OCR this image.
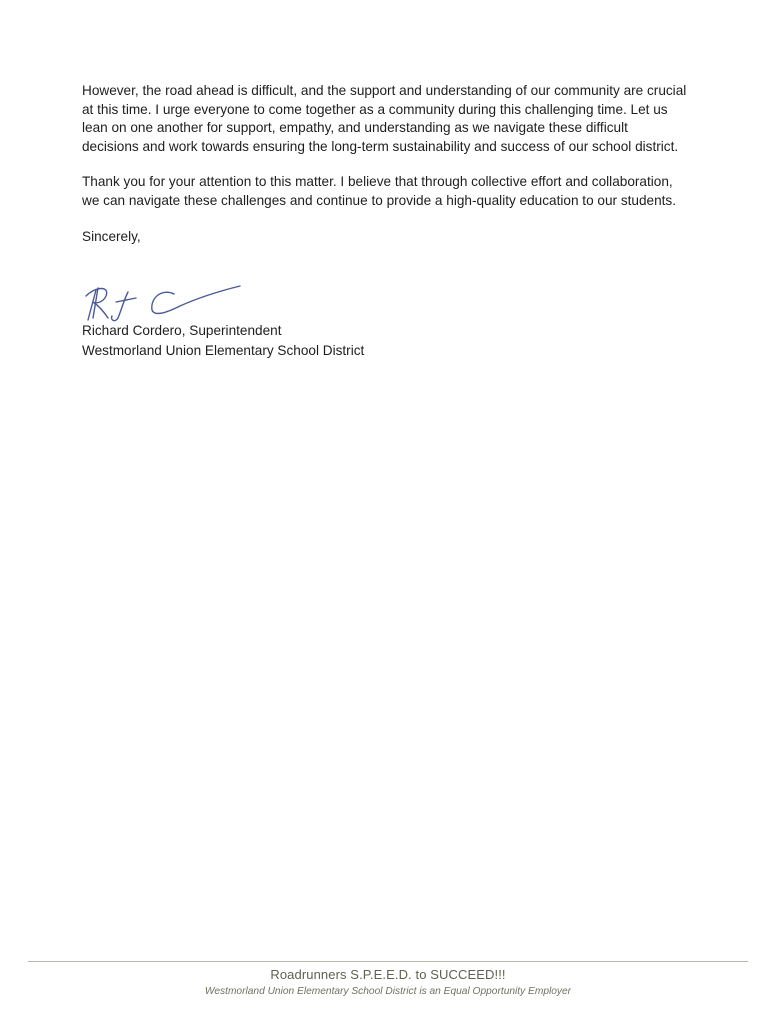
However, the road ahead is difficult, and the support and understanding of our community are crucial at this time. I urge everyone to come together as a community during this challenging time. Let us lean on one another for support, empathy, and understanding as we navigate these difficult decisions and work towards ensuring the long-term sustainability and success of our school district.

Thank you for your attention to this matter. I believe that through collective effort and collaboration, we can navigate these challenges and continue to provide a high-quality education to our students.

Sincerely,

Richard Cordero, Superintendent
Westmorland Union Elementary School District
Roadrunners S.P.E.E.D. to SUCCEED!!!
Westmorland Union Elementary School District is an Equal Opportunity Employer
